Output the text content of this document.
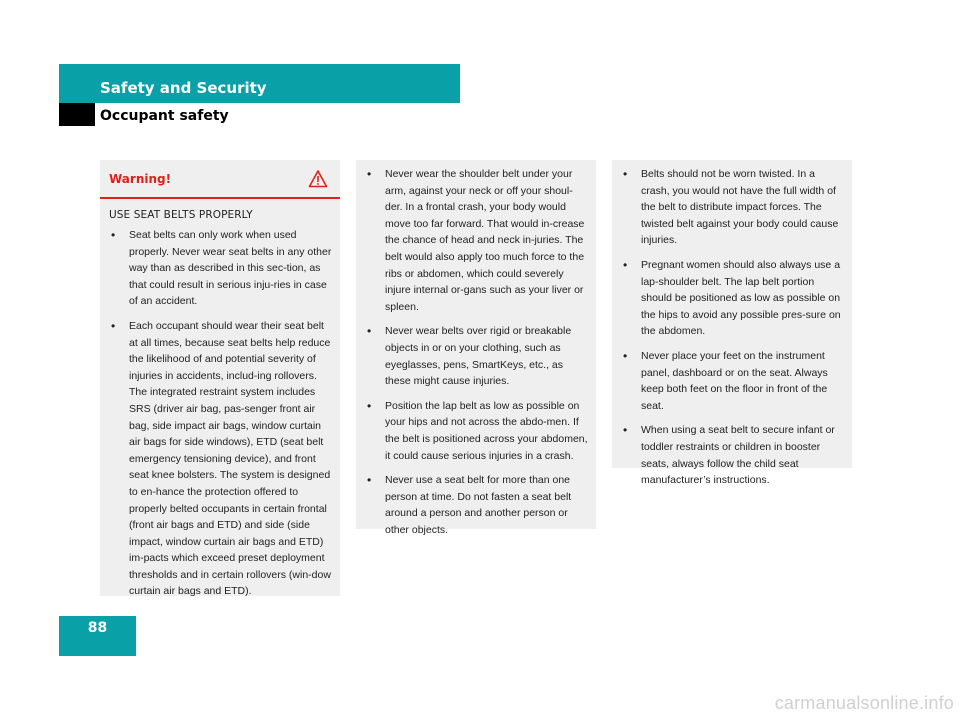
Safety and Security
Occupant safety
Warning!
USE SEAT BELTS PROPERLY
• Seat belts can only work when used properly. Never wear seat belts in any other way than as described in this sec-tion, as that could result in serious inju-ries in case of an accident.
• Each occupant should wear their seat belt at all times, because seat belts help reduce the likelihood of and potential severity of injuries in accidents, includ-ing rollovers. The integrated restraint system includes SRS (driver air bag, pas-senger front air bag, side impact air bags, window curtain air bags for side windows), ETD (seat belt emergency tensioning device), and front seat knee bolsters. The system is designed to en-hance the protection offered to properly belted occupants in certain frontal (front air bags and ETD) and side (side impact, window curtain air bags and ETD) im-pacts which exceed preset deployment thresholds and in certain rollovers (win-dow curtain air bags and ETD).
• Never wear the shoulder belt under your arm, against your neck or off your shoul-der. In a frontal crash, your body would move too far forward. That would in-crease the chance of head and neck in-juries. The belt would also apply too much force to the ribs or abdomen, which could severely injure internal or-gans such as your liver or spleen.
• Never wear belts over rigid or breakable objects in or on your clothing, such as eyeglasses, pens, SmartKeys, etc., as these might cause injuries.
• Position the lap belt as low as possible on your hips and not across the abdo-men. If the belt is positioned across your abdomen, it could cause serious injuries in a crash.
• Never use a seat belt for more than one person at time. Do not fasten a seat belt around a person and another person or other objects.
• Belts should not be worn twisted. In a crash, you would not have the full width of the belt to distribute impact forces. The twisted belt against your body could cause injuries.
• Pregnant women should also always use a lap-shoulder belt. The lap belt portion should be positioned as low as possible on the hips to avoid any possible pres-sure on the abdomen.
• Never place your feet on the instrument panel, dashboard or on the seat. Always keep both feet on the floor in front of the seat.
• When using a seat belt to secure infant or toddler restraints or children in booster seats, always follow the child seat manufacturer’s instructions.
88
carmanualsonline.info
